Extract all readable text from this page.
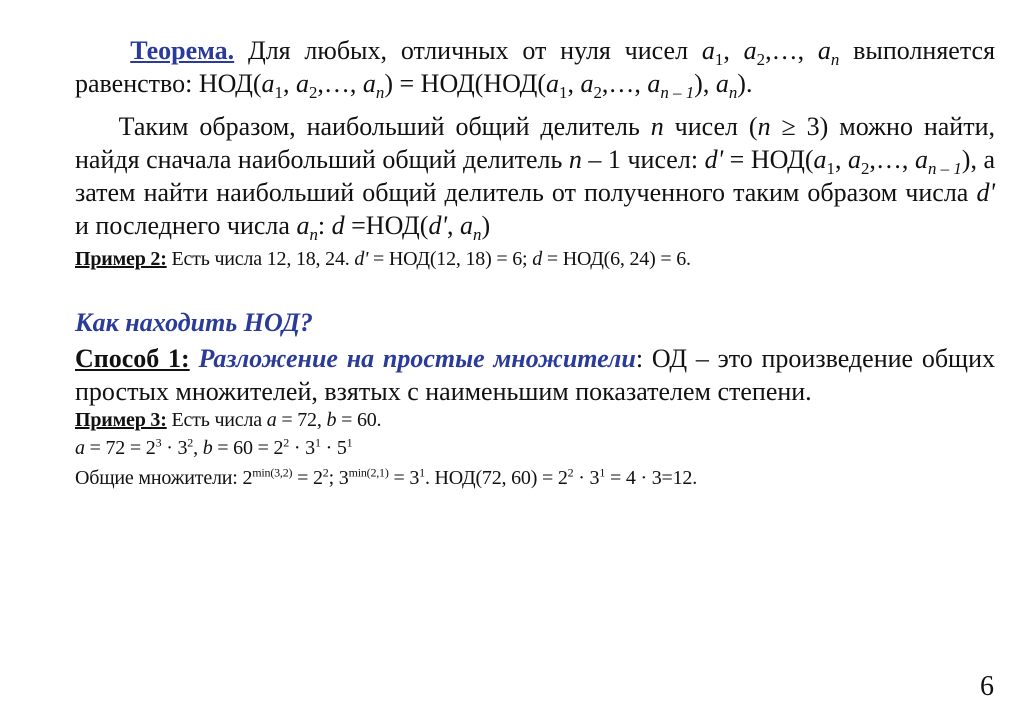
Теорема. Для любых, отличных от нуля чисел $a_1$, $a_2,\dots$, $a_n$ выполняется равенство: $НОД(a_1$, $a_2,\dots$, $a_n) = НОД(НОД(a_1$, $a_2,\dots$, $a_{n - 1}$), $a_n$).
Таким образом, наибольший общий делитель n чисел (n ≥ 3) можно найти, найдя сначала наибольший общий делитель n – 1 чисел: $d' = НОД(a_1$, $a_2,\dots$, $a_{n - 1}$), а затем найти наибольший общий делитель от полученного таким образом числа d' и последнего числа $a_n$: d =НОД(d', $a_n$)
Пример 2: Есть числа 12, 18, 24. d' = НОД(12, 18) = 6; d = НОД(6, 24) = 6.
Как находить НОД?
Способ 1: Разложение на простые множители: ОД – это произведение общих простых множителей, взятых с наименьшим показателем степени.
Пример 3: Есть числа a = 72, b = 60.
$a = 72 = 2^3 \cdot 3^2$, $b = 60 = 2^2 \cdot 3^1 \cdot 5^1$
Общие множители: $2^{min(3,2)} = 2^2$; $3^{min(2,1)} = 3^1$. НОД(72, $60) = 2^2 \cdot 3^1 = 4 \cdot 3=12$.
6
